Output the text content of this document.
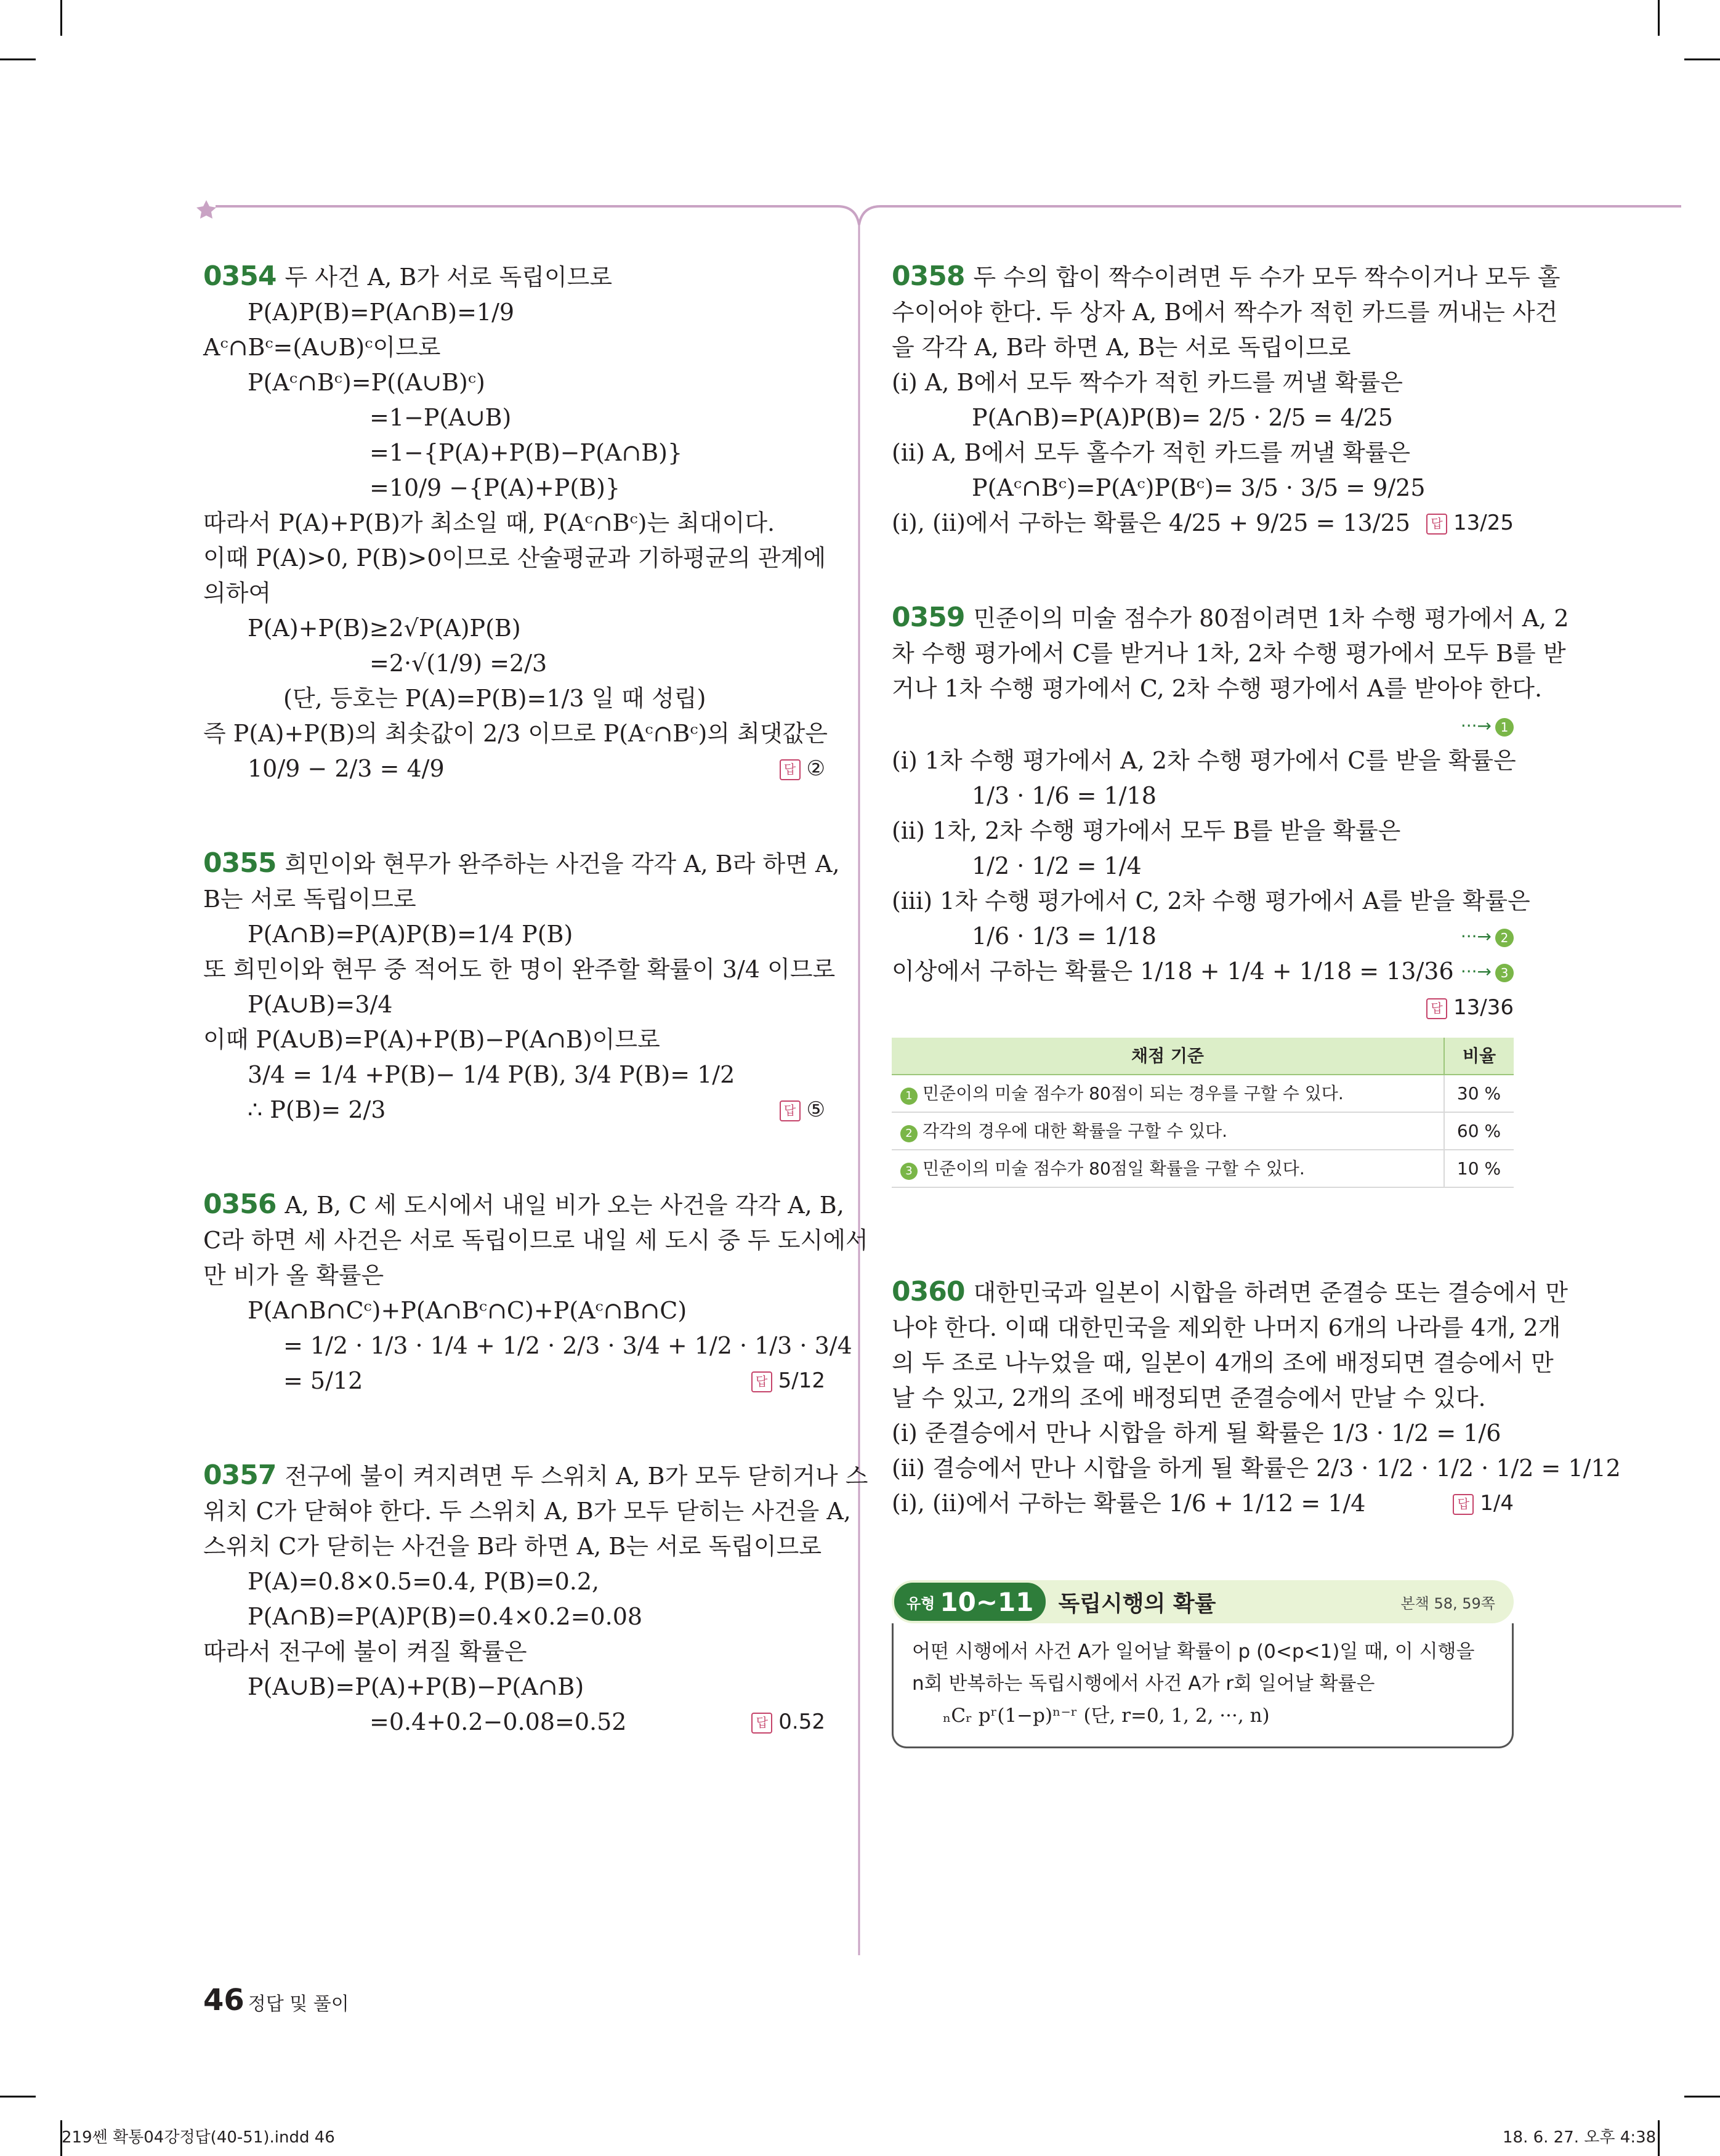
0354 두 사건 A, B가 서로 독립이므로
P(A)P(B)=P(A∩B)=1/9
Aᶜ∩Bᶜ=(A∪B)ᶜ이므로
P(Aᶜ∩Bᶜ)=P((A∪B)ᶜ)
=1−P(A∪B)
=1−{P(A)+P(B)−P(A∩B)}
=10/9 −{P(A)+P(B)}
따라서 P(A)+P(B)가 최소일 때, P(Aᶜ∩Bᶜ)는 최대이다.
이때 P(A)>0, P(B)>0이므로 산술평균과 기하평균의 관계에
의하여
P(A)+P(B)≥2√P(A)P(B)
=2·√(1/9) =2/3
(단, 등호는 P(A)=P(B)=1/3 일 때 성립)
즉 P(A)+P(B)의 최솟값이 2/3 이므로 P(Aᶜ∩Bᶜ)의 최댓값은
10/9 − 2/3 = 4/9	답 ②
0355 희민이와 현무가 완주하는 사건을 각각 A, B라 하면 A,
B는 서로 독립이므로
P(A∩B)=P(A)P(B)=1/4 P(B)
또 희민이와 현무 중 적어도 한 명이 완주할 확률이 3/4 이므로
P(A∪B)=3/4
이때 P(A∪B)=P(A)+P(B)−P(A∩B)이므로
3/4 = 1/4 +P(B)− 1/4 P(B), 3/4 P(B)= 1/2
∴ P(B)= 2/3	답 ⑤
0356 A, B, C 세 도시에서 내일 비가 오는 사건을 각각 A, B,
C라 하면 세 사건은 서로 독립이므로 내일 세 도시 중 두 도시에서
만 비가 올 확률은
P(A∩B∩Cᶜ)+P(A∩Bᶜ∩C)+P(Aᶜ∩B∩C)
= 1/2 · 1/3 · 1/4 + 1/2 · 2/3 · 3/4 + 1/2 · 1/3 · 3/4
= 5/12	답 5/12
0357 전구에 불이 켜지려면 두 스위치 A, B가 모두 닫히거나 스
위치 C가 닫혀야 한다. 두 스위치 A, B가 모두 닫히는 사건을 A,
스위치 C가 닫히는 사건을 B라 하면 A, B는 서로 독립이므로
P(A)=0.8×0.5=0.4, P(B)=0.2,
P(A∩B)=P(A)P(B)=0.4×0.2=0.08
따라서 전구에 불이 켜질 확률은
P(A∪B)=P(A)+P(B)−P(A∩B)
=0.4+0.2−0.08=0.52	답 0.52
0358 두 수의 합이 짝수이려면 두 수가 모두 짝수이거나 모두 홀
수이어야 한다. 두 상자 A, B에서 짝수가 적힌 카드를 꺼내는 사건
을 각각 A, B라 하면 A, B는 서로 독립이므로
(i) A, B에서 모두 짝수가 적힌 카드를 꺼낼 확률은
P(A∩B)=P(A)P(B)= 2/5 · 2/5 = 4/25
(ii) A, B에서 모두 홀수가 적힌 카드를 꺼낼 확률은
P(Aᶜ∩Bᶜ)=P(Aᶜ)P(Bᶜ)= 3/5 · 3/5 = 9/25
(i), (ii)에서 구하는 확률은 4/25 + 9/25 = 13/25	답 13/25
0359 민준이의 미술 점수가 80점이려면 1차 수행 평가에서 A, 2
차 수행 평가에서 C를 받거나 1차, 2차 수행 평가에서 모두 B를 받
거나 1차 수행 평가에서 C, 2차 수행 평가에서 A를 받아야 한다.
···→ 1
(i) 1차 수행 평가에서 A, 2차 수행 평가에서 C를 받을 확률은
1/3 · 1/6 = 1/18
(ii) 1차, 2차 수행 평가에서 모두 B를 받을 확률은
1/2 · 1/2 = 1/4
(iii) 1차 수행 평가에서 C, 2차 수행 평가에서 A를 받을 확률은
1/6 · 1/3 = 1/18	···→ 2
이상에서 구하는 확률은 1/18 + 1/4 + 1/18 = 13/36 ···→ 3
답 13/36
채점 기준	비율
1 민준이의 미술 점수가 80점이 되는 경우를 구할 수 있다.	30 %
2 각각의 경우에 대한 확률을 구할 수 있다.	60 %
3 민준이의 미술 점수가 80점일 확률을 구할 수 있다.	10 %
0360 대한민국과 일본이 시합을 하려면 준결승 또는 결승에서 만
나야 한다. 이때 대한민국을 제외한 나머지 6개의 나라를 4개, 2개
의 두 조로 나누었을 때, 일본이 4개의 조에 배정되면 결승에서 만
날 수 있고, 2개의 조에 배정되면 준결승에서 만날 수 있다.
(i) 준결승에서 만나 시합을 하게 될 확률은 1/3 · 1/2 = 1/6
(ii) 결승에서 만나 시합을 하게 될 확률은 2/3 · 1/2 · 1/2 · 1/2 = 1/12
(i), (ii)에서 구하는 확률은 1/6 + 1/12 = 1/4	답 1/4
유형 10~11 독립시행의 확률	본책 58, 59쪽
어떤 시행에서 사건 A가 일어날 확률이 p (0<p<1)일 때, 이 시행을
n회 반복하는 독립시행에서 사건 A가 r회 일어날 확률은
ₙCᵣ pʳ(1−p)ⁿ⁻ʳ (단, r=0, 1, 2, ···, n)
46 정답 및 풀이
219쎈 확통04강정답(40-51).indd 46	18. 6. 27. 오후 4:38
